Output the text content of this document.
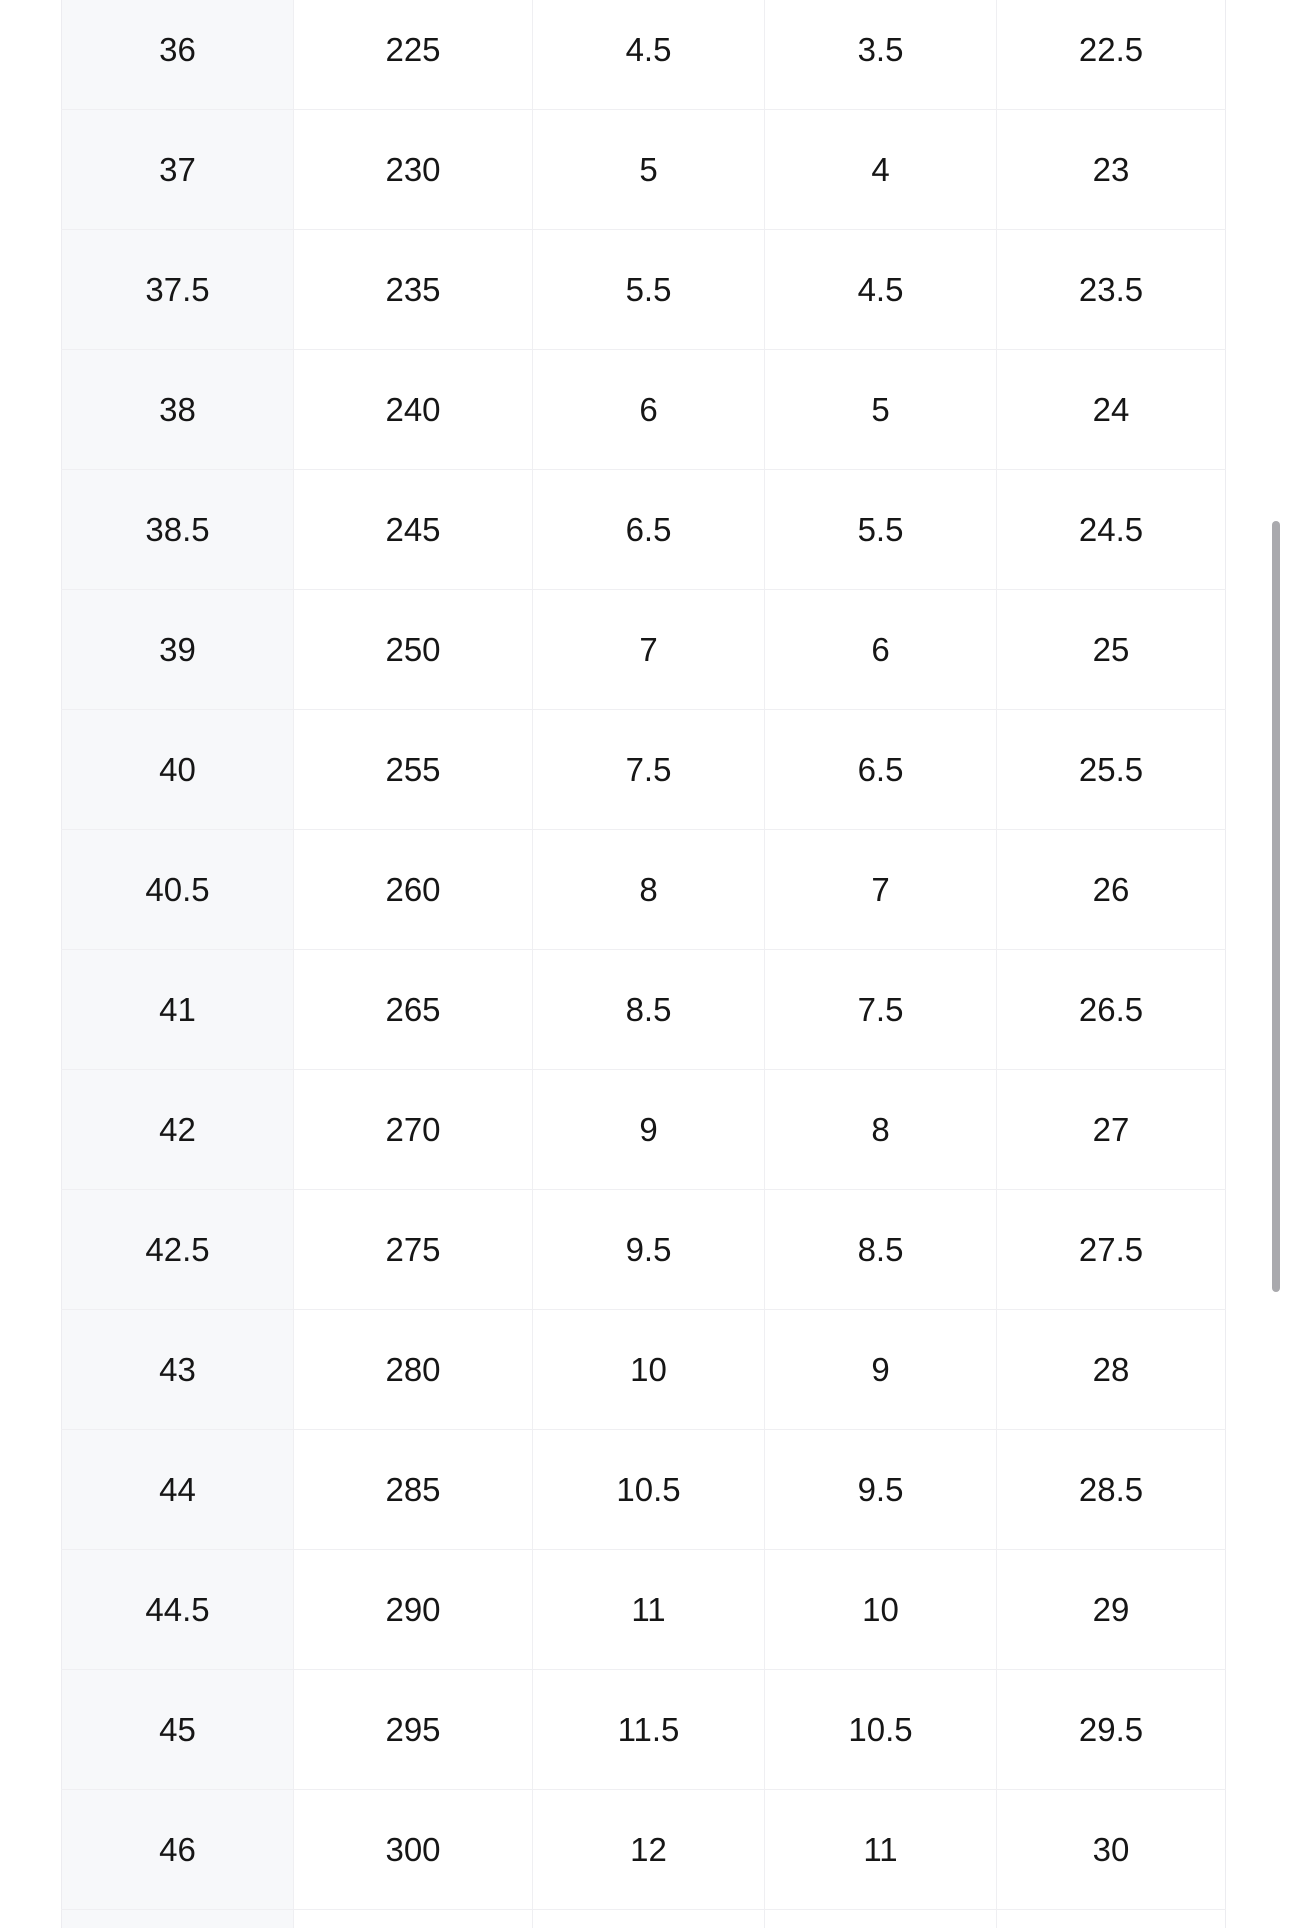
36	225	4.5	3.5	22.5
37	230	5	4	23
37.5	235	5.5	4.5	23.5
38	240	6	5	24
38.5	245	6.5	5.5	24.5
39	250	7	6	25
40	255	7.5	6.5	25.5
40.5	260	8	7	26
41	265	8.5	7.5	26.5
42	270	9	8	27
42.5	275	9.5	8.5	27.5
43	280	10	9	28
44	285	10.5	9.5	28.5
44.5	290	11	10	29
45	295	11.5	10.5	29.5
46	300	12	11	30
